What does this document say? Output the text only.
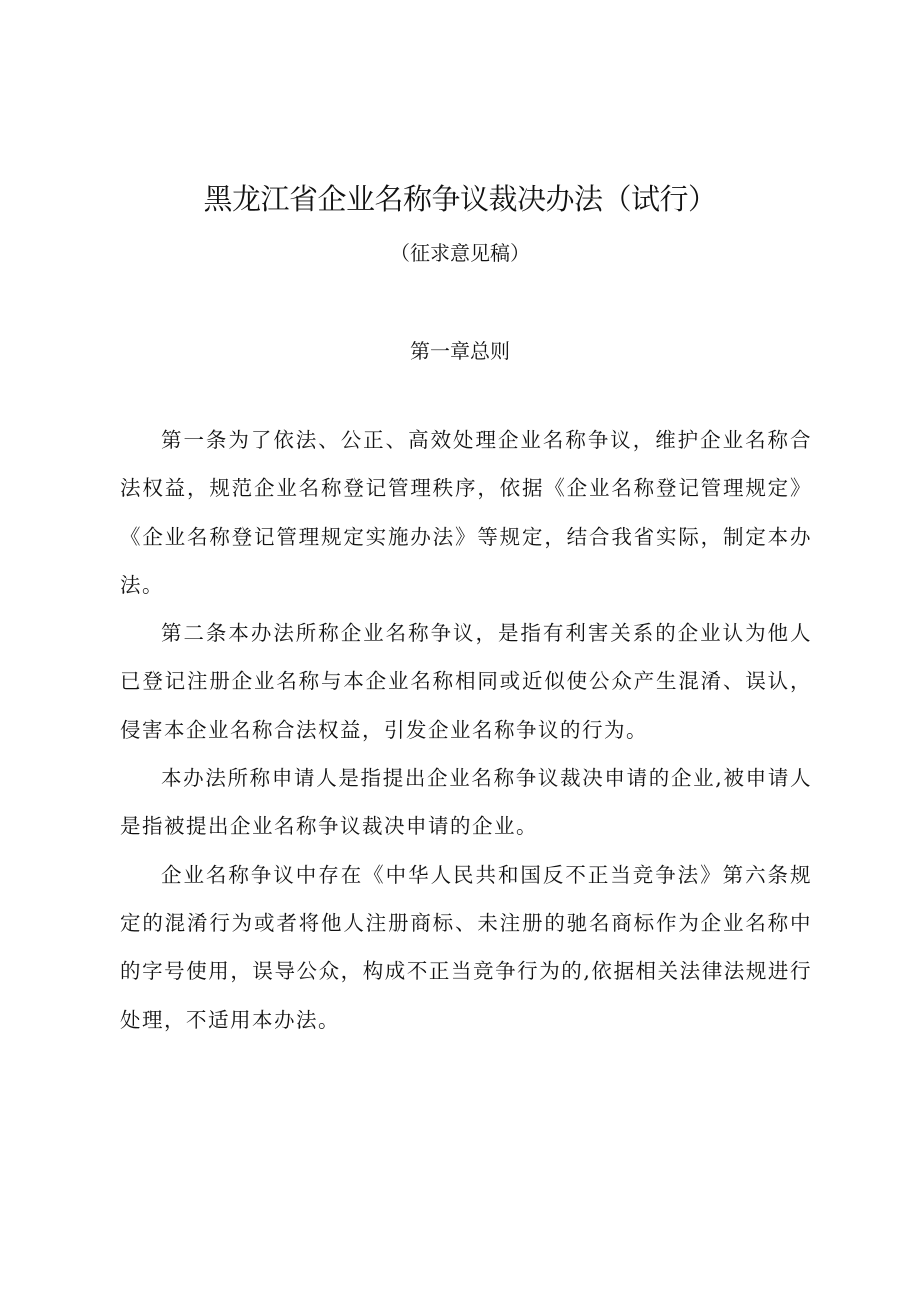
黑龙江省企业名称争议裁决办法（试行）
（征求意见稿）
第一章总则

第一条为了依法、公正、高效处理企业名称争议，维护企业名称合法权益，规范企业名称登记管理秩序，依据《企业名称登记管理规定》《企业名称登记管理规定实施办法》等规定，结合我省实际，制定本办法。

第二条本办法所称企业名称争议，是指有利害关系的企业认为他人已登记注册企业名称与本企业名称相同或近似使公众产生混淆、误认，侵害本企业名称合法权益，引发企业名称争议的行为。

本办法所称申请人是指提出企业名称争议裁决申请的企业,被申请人是指被提出企业名称争议裁决申请的企业。

企业名称争议中存在《中华人民共和国反不正当竞争法》第六条规定的混淆行为或者将他人注册商标、未注册的驰名商标作为企业名称中的字号使用，误导公众，构成不正当竞争行为的,依据相关法律法规进行处理，不适用本办法。
